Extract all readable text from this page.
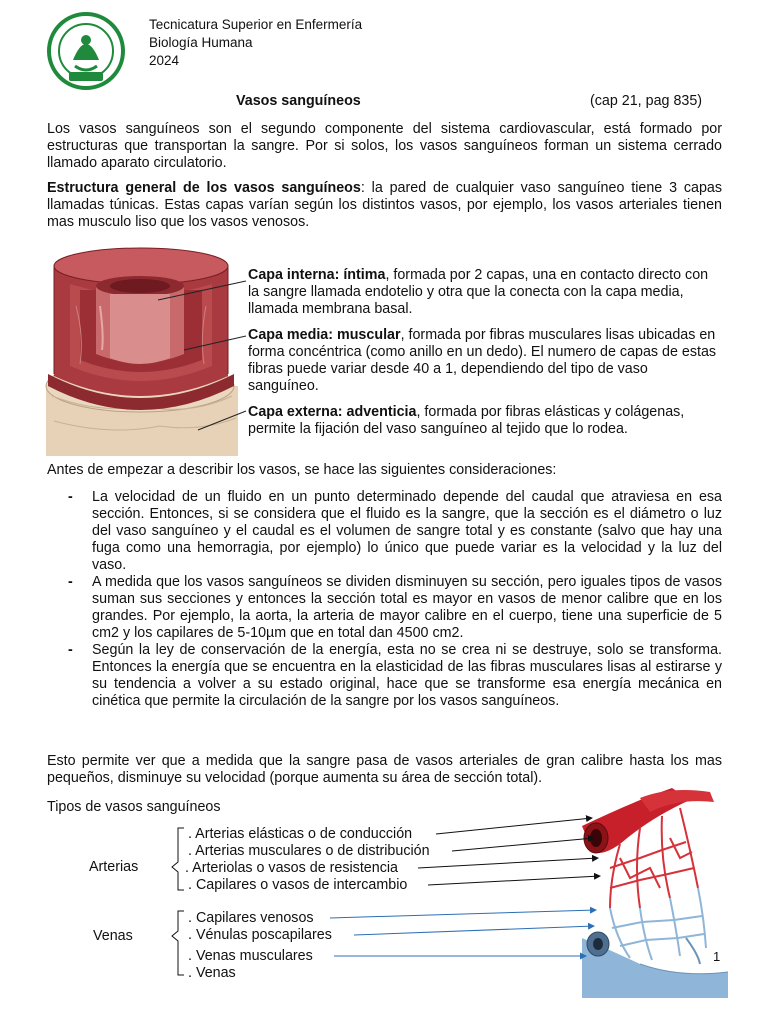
Tecnicatura Superior en Enfermería
Biología Humana
2024
Vasos sanguíneos	(cap 21, pag 835)
Los vasos sanguíneos son el segundo componente del sistema cardiovascular, está formado por estructuras que transportan la sangre. Por si solos, los vasos sanguíneos forman un sistema cerrado llamado aparato circulatorio.
Estructura general de los vasos sanguíneos: la pared de cualquier vaso sanguíneo tiene 3 capas llamadas túnicas. Estas capas varían según los distintos vasos, por ejemplo, los vasos arteriales tienen mas musculo liso que los vasos venosos.
Capa interna: íntima, formada por 2 capas, una en contacto directo con la sangre llamada endotelio y otra que la conecta con la capa media, llamada membrana basal.
Capa media: muscular, formada por fibras musculares lisas ubicadas en forma concéntrica (como anillo en un dedo). El numero de capas de estas fibras puede variar desde 40 a 1, dependiendo del tipo de vaso sanguíneo.
Capa externa: adventicia, formada por fibras elásticas y colágenas, permite la fijación del vaso sanguíneo al tejido que lo rodea.
Antes de empezar a describir los vasos, se hace las siguientes consideraciones:
- La velocidad de un fluido en un punto determinado depende del caudal que atraviesa en esa sección. Entonces, si se considera que el fluido es la sangre, que la sección es el diámetro o luz del vaso sanguíneo y el caudal es el volumen de sangre total y es constante (salvo que hay una fuga como una hemorragia, por ejemplo) lo único que puede variar es la velocidad y la luz del vaso.
- A medida que los vasos sanguíneos se dividen disminuyen su sección, pero iguales tipos de vasos suman sus secciones y entonces la sección total es mayor en vasos de menor calibre que en los grandes. Por ejemplo, la aorta, la arteria de mayor calibre en el cuerpo, tiene una superficie de 5 cm2 y los capilares de 5-10µm que en total dan 4500 cm2.
- Según la ley de conservación de la energía, esta no se crea ni se destruye, solo se transforma. Entonces la energía que se encuentra en la elasticidad de las fibras musculares lisas al estirarse y su tendencia a volver a su estado original, hace que se transforme esa energía mecánica en cinética que permite la circulación de la sangre por los vasos sanguíneos.
Esto permite ver que a medida que la sangre pasa de vasos arteriales de gran calibre hasta los mas pequeños, disminuye su velocidad (porque aumenta su área de sección total).
Tipos de vasos sanguíneos
Arterias
Venas
. Arterias elásticas o de conducción
. Arterias musculares o de distribución
. Arteriolas o vasos de resistencia
. Capilares o vasos de intercambio
. Capilares venosos
. Vénulas poscapilares
. Venas musculares
. Venas
1
